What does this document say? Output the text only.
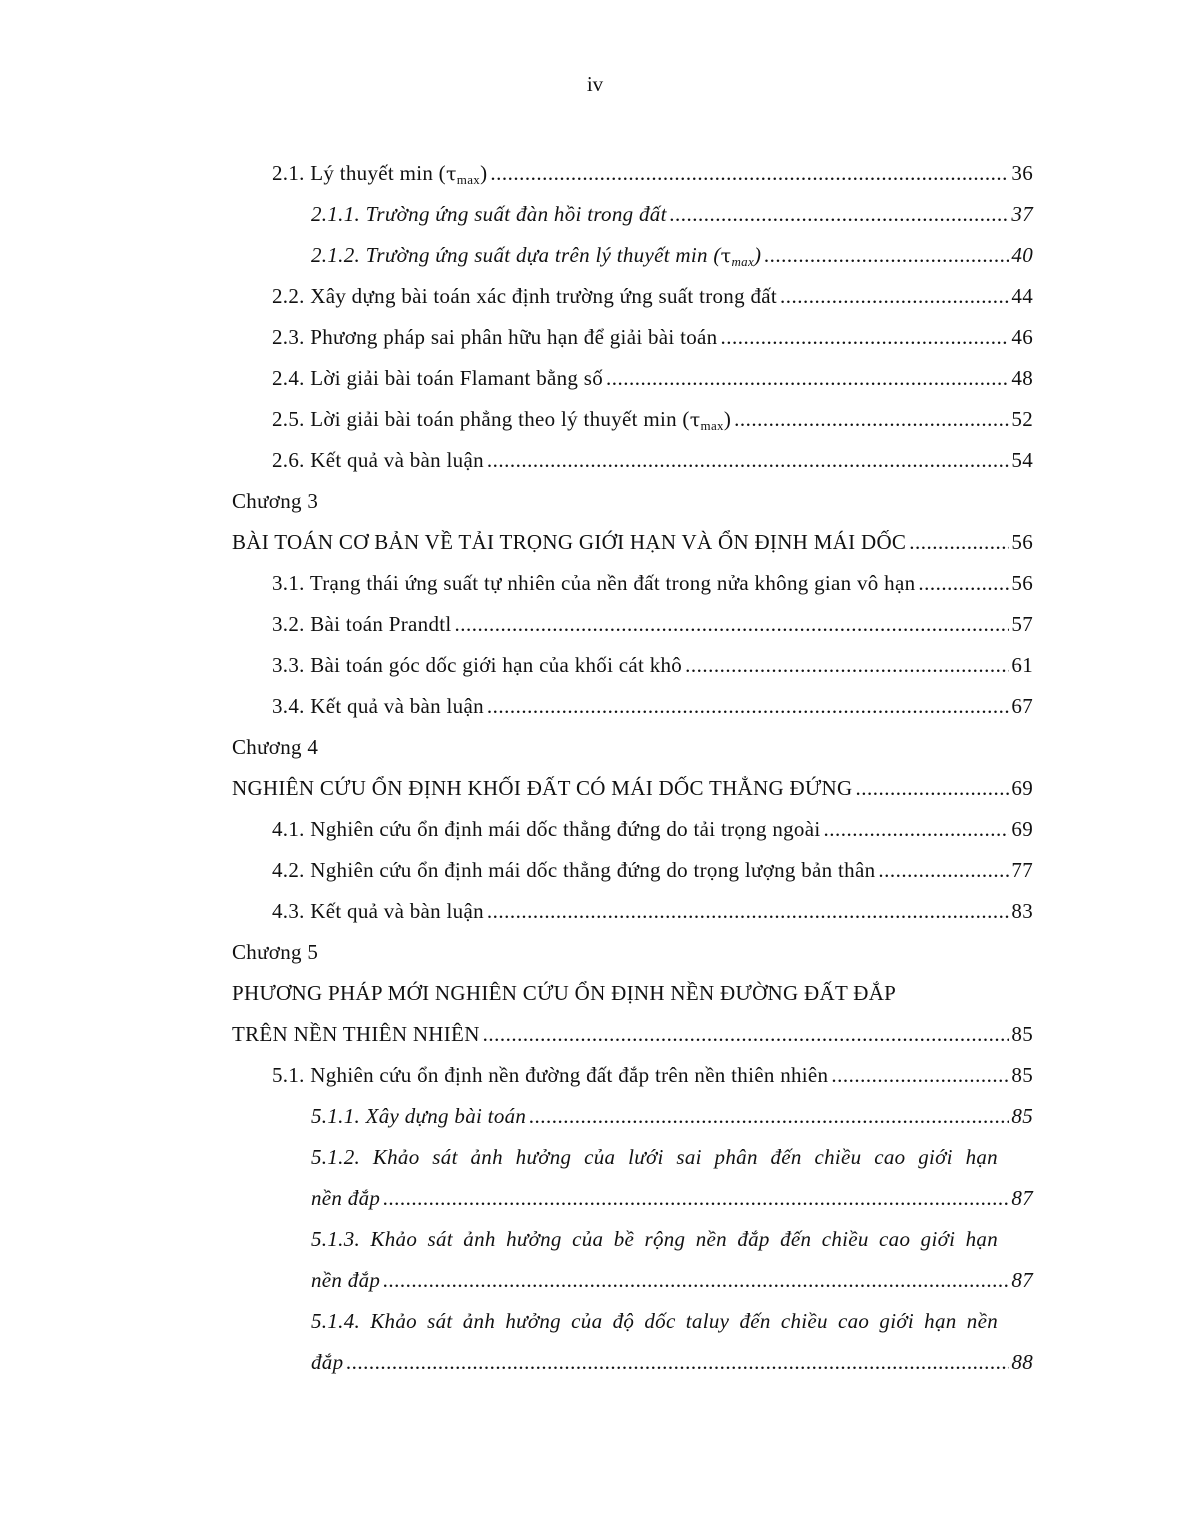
iv
2.1. Lý thuyết $\min (\tau_{max})$ .....	36
2.1.1. Trường ứng suất đàn hồi trong đất .....	37
2.1.2. Trường ứng suất dựa trên lý thuyết $\min (\tau_{max})$ .....	40
2.2. Xây dựng bài toán xác định trường ứng suất trong đất .....	44
2.3. Phương pháp sai phân hữu hạn để giải bài toán .....	46
2.4. Lời giải bài toán Flamant bằng số .....	48
2.5. Lời giải bài toán phẳng theo lý thuyết $\min (\tau_{max})$ .....	52
2.6. Kết quả và bàn luận .....	54
Chương 3
BÀI TOÁN CƠ BẢN VỀ TẢI TRỌNG GIỚI HẠN VÀ ỔN ĐỊNH MÁI DỐC .....	56
3.1. Trạng thái ứng suất tự nhiên của nền đất trong nửa không gian vô hạn .....	56
3.2. Bài toán Prandtl .....	57
3.3. Bài toán góc dốc giới hạn của khối cát khô .....	61
3.4. Kết quả và bàn luận .....	67
Chương 4
NGHIÊN CỨU ỔN ĐỊNH KHỐI ĐẤT CÓ MÁI DỐC THẲNG ĐỨNG .....	69
4.1. Nghiên cứu ổn định mái dốc thẳng đứng do tải trọng ngoài .....	69
4.2. Nghiên cứu ổn định mái dốc thẳng đứng do trọng lượng bản thân .....	77
4.3. Kết quả và bàn luận .....	83
Chương 5
PHƯƠNG PHÁP MỚI NGHIÊN CỨU ỔN ĐỊNH NỀN ĐƯỜNG ĐẤT ĐẮP
TRÊN NỀN THIÊN NHIÊN .....	85
5.1. Nghiên cứu ổn định nền đường đất đắp trên nền thiên nhiên .....	85
5.1.1. Xây dựng bài toán .....	85
5.1.2. Khảo sát ảnh hưởng của lưới sai phân đến chiều cao giới hạn
nền đắp .....	87
5.1.3. Khảo sát ảnh hưởng của bề rộng nền đắp đến chiều cao giới hạn
nền đắp .....	87
5.1.4. Khảo sát ảnh hưởng của độ dốc taluy đến chiều cao giới hạn nền
đắp .....	88
